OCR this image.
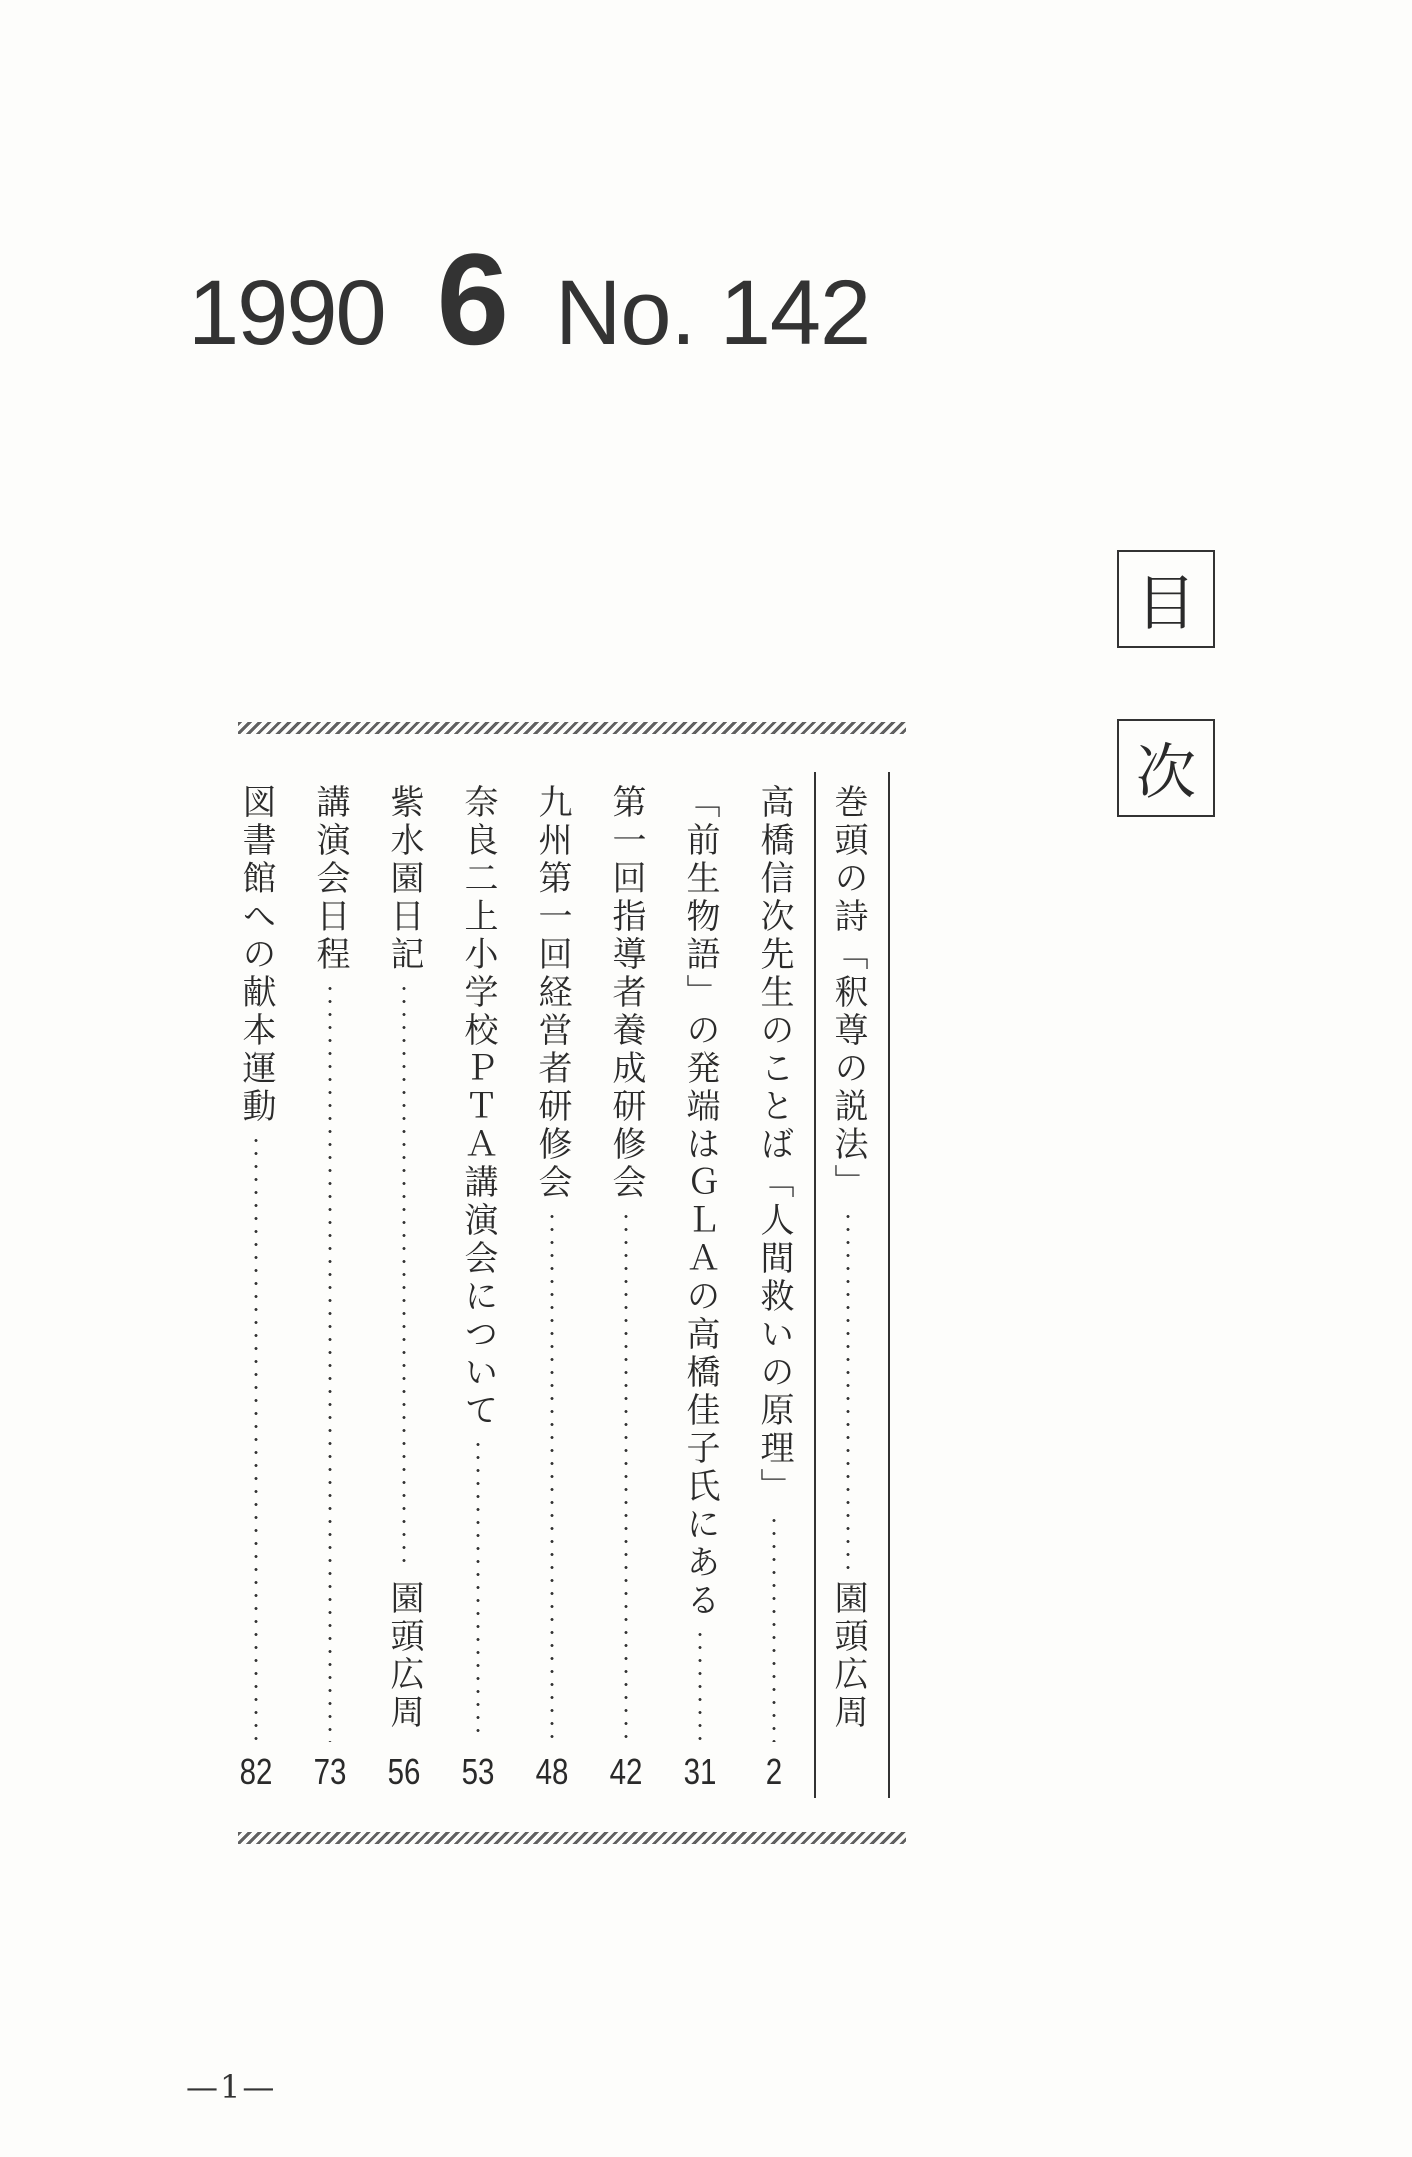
1990 6 No. 142
目
次
巻頭の詩「釈尊の説法」
園頭広周
高橋信次先生のことば「人間救いの原理」
2
「前生物語」の発端はＧＬＡの高橋佳子氏にある
31
第一回指導者養成研修会
42
九州第一回経営者研修会
48
奈良二上小学校ＰＴＡ講演会について
53
紫水園日記
園頭広周
56
講演会日程
73
図書館への献本運動
82
—1—
